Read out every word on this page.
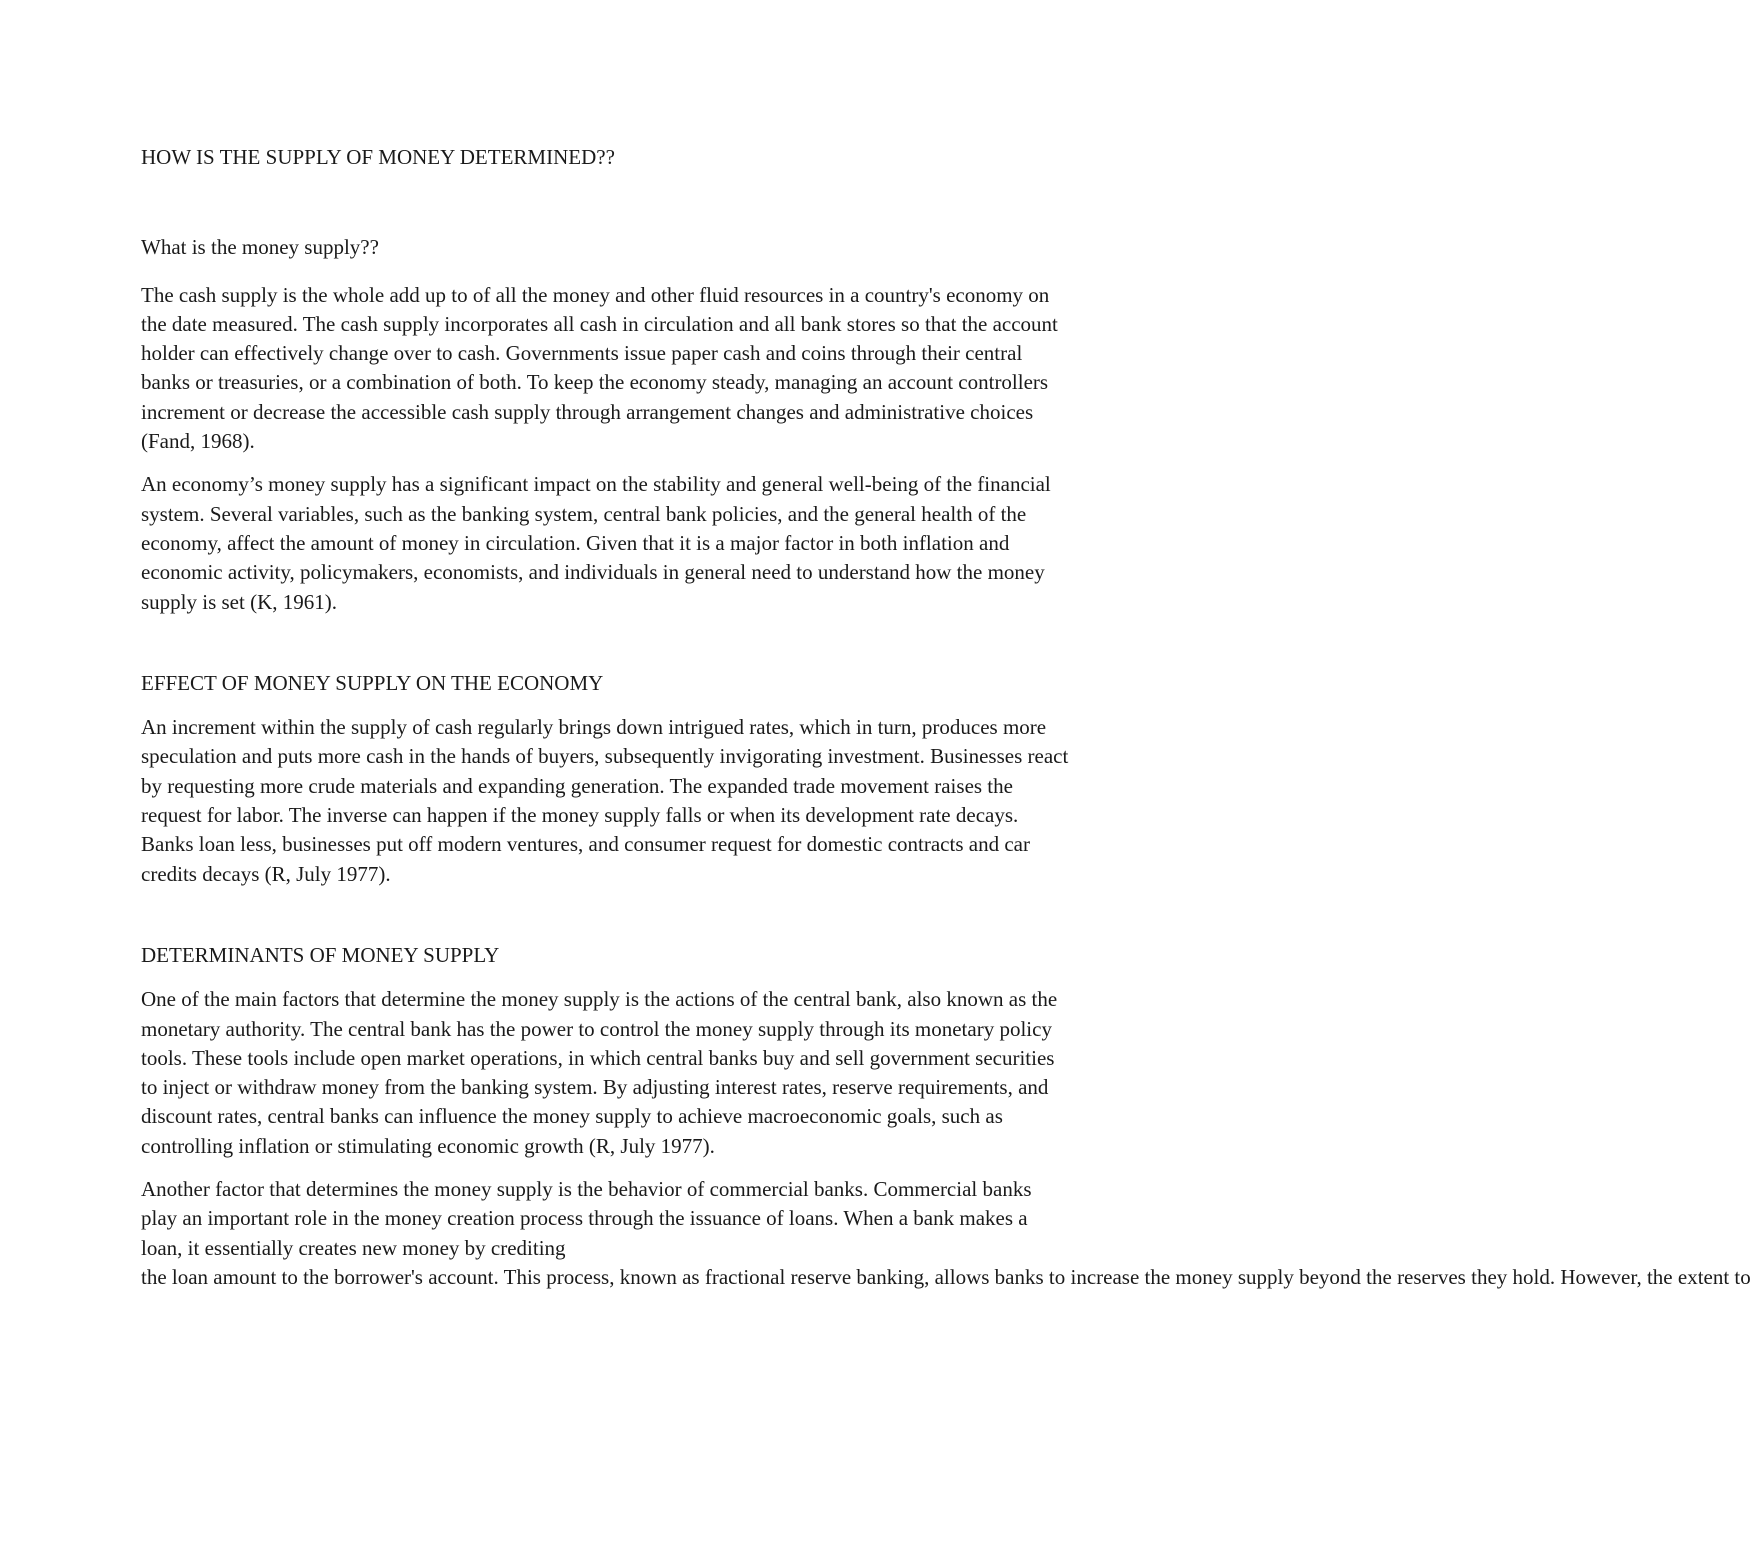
HOW IS THE SUPPLY OF MONEY DETERMINED??

What is the money supply??

The cash supply is the whole add up to of all the money and other fluid resources in a country's economy on the date measured. The cash supply incorporates all cash in circulation and all bank stores so that the account holder can effectively change over to cash. Governments issue paper cash and coins through their central banks or treasuries, or a combination of both. To keep the economy steady, managing an account controllers increment or decrease the accessible cash supply through arrangement changes and administrative choices (Fand, 1968).

An economy’s money supply has a significant impact on the stability and general well-being of the financial system. Several variables, such as the banking system, central bank policies, and the general health of the economy, affect the amount of money in circulation. Given that it is a major factor in both inflation and economic activity, policymakers, economists, and individuals in general need to understand how the money supply is set (K, 1961).

EFFECT OF MONEY SUPPLY ON THE ECONOMY

An increment within the supply of cash regularly brings down intrigued rates, which in turn, produces more speculation and puts more cash in the hands of buyers, subsequently invigorating investment. Businesses react by requesting more crude materials and expanding generation. The expanded trade movement raises the request for labor. The inverse can happen if the money supply falls or when its development rate decays. Banks loan less, businesses put off modern ventures, and consumer request for domestic contracts and car credits decays (R, July 1977).

DETERMINANTS OF MONEY SUPPLY

One of the main factors that determine the money supply is the actions of the central bank, also known as the monetary authority. The central bank has the power to control the money supply through its monetary policy tools. These tools include open market operations, in which central banks buy and sell government securities to inject or withdraw money from the banking system. By adjusting interest rates, reserve requirements, and discount rates, central banks can influence the money supply to achieve macroeconomic goals, such as controlling inflation or stimulating economic growth (R, July 1977).

Another factor that determines the money supply is the behavior of commercial banks. Commercial banks play an important role in the money creation process through the issuance of loans. When a bank makes a loan, it essentially creates new money by crediting
the loan amount to the borrower's account. This process, known as fractional reserve banking, allows banks to increase the money supply beyond the reserves they hold. However, the extent to
